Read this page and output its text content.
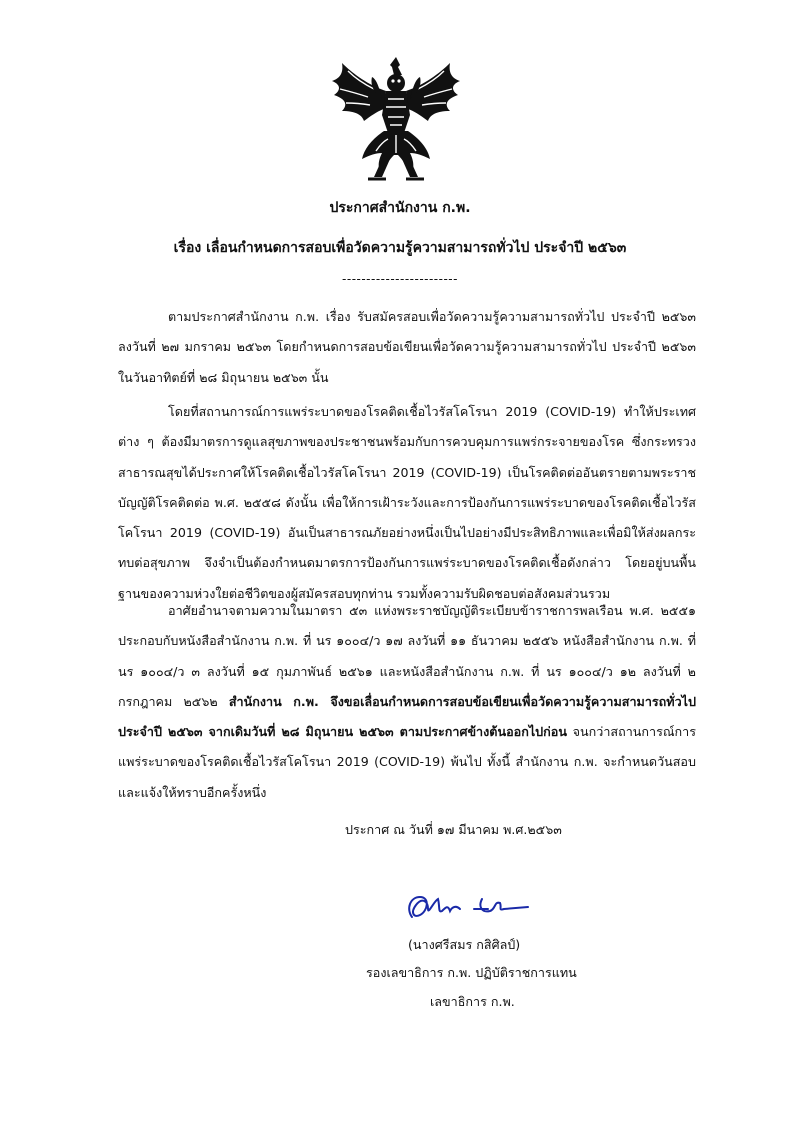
ประกาศสำนักงาน ก.พ.
เรื่อง เลื่อนกำหนดการสอบเพื่อวัดความรู้ความสามารถทั่วไป ประจำปี ๒๕๖๓
------------------------
ตามประกาศสำนักงาน ก.พ. เรื่อง รับสมัครสอบเพื่อวัดความรู้ความสามารถทั่วไป ประจำปี ๒๕๖๓ ลงวันที่ ๒๗ มกราคม ๒๕๖๓ โดยกำหนดการสอบข้อเขียนเพื่อวัดความรู้ความสามารถทั่วไป ประจำปี ๒๕๖๓ ในวันอาทิตย์ที่ ๒๘ มิถุนายน ๒๕๖๓ นั้น
โดยที่สถานการณ์การแพร่ระบาดของโรคติดเชื้อไวรัสโคโรนา 2019 (COVID-19) ทำให้ประเทศต่าง ๆ ต้องมีมาตรการดูแลสุขภาพของประชาชนพร้อมกับการควบคุมการแพร่กระจายของโรค ซึ่งกระทรวงสาธารณสุขได้ประกาศให้โรคติดเชื้อไวรัสโคโรนา 2019 (COVID-19) เป็นโรคติดต่ออันตรายตามพระราชบัญญัติโรคติดต่อ พ.ศ. ๒๕๕๘ ดังนั้น เพื่อให้การเฝ้าระวังและการป้องกันการแพร่ระบาดของโรคติดเชื้อไวรัสโคโรนา 2019 (COVID-19) อันเป็นสาธารณภัยอย่างหนึ่งเป็นไปอย่างมีประสิทธิภาพและเพื่อมิให้ส่งผลกระทบต่อสุขภาพ จึงจำเป็นต้องกำหนดมาตรการป้องกันการแพร่ระบาดของโรคติดเชื้อดังกล่าว โดยอยู่บนพื้นฐานของความห่วงใยต่อชีวิตของผู้สมัครสอบทุกท่าน รวมทั้งความรับผิดชอบต่อสังคมส่วนรวม
อาศัยอำนาจตามความในมาตรา ๕๓ แห่งพระราชบัญญัติระเบียบข้าราชการพลเรือน พ.ศ. ๒๕๕๑ ประกอบกับหนังสือสำนักงาน ก.พ. ที่ นร ๑๐๐๔/ว ๑๗ ลงวันที่ ๑๑ ธันวาคม ๒๕๕๖ หนังสือสำนักงาน ก.พ. ที่ นร ๑๐๐๔/ว ๓ ลงวันที่ ๑๕ กุมภาพันธ์ ๒๕๖๑ และหนังสือสำนักงาน ก.พ. ที่ นร ๑๐๐๔/ว ๑๒ ลงวันที่ ๒ กรกฎาคม ๒๕๖๒ สำนักงาน ก.พ. จึงขอเลื่อนกำหนดการสอบข้อเขียนเพื่อวัดความรู้ความสามารถทั่วไป ประจำปี ๒๕๖๓ จากเดิมวันที่ ๒๘ มิถุนายน ๒๕๖๓ ตามประกาศข้างต้นออกไปก่อน จนกว่าสถานการณ์การแพร่ระบาดของโรคติดเชื้อไวรัสโคโรนา 2019 (COVID-19) พ้นไป ทั้งนี้ สำนักงาน ก.พ. จะกำหนดวันสอบและแจ้งให้ทราบอีกครั้งหนึ่ง
ประกาศ ณ วันที่ ๑๗ มีนาคม พ.ศ.๒๕๖๓
(นางศรีสมร กสิศิลป์)
รองเลขาธิการ ก.พ. ปฏิบัติราชการแทน
เลขาธิการ ก.พ.
